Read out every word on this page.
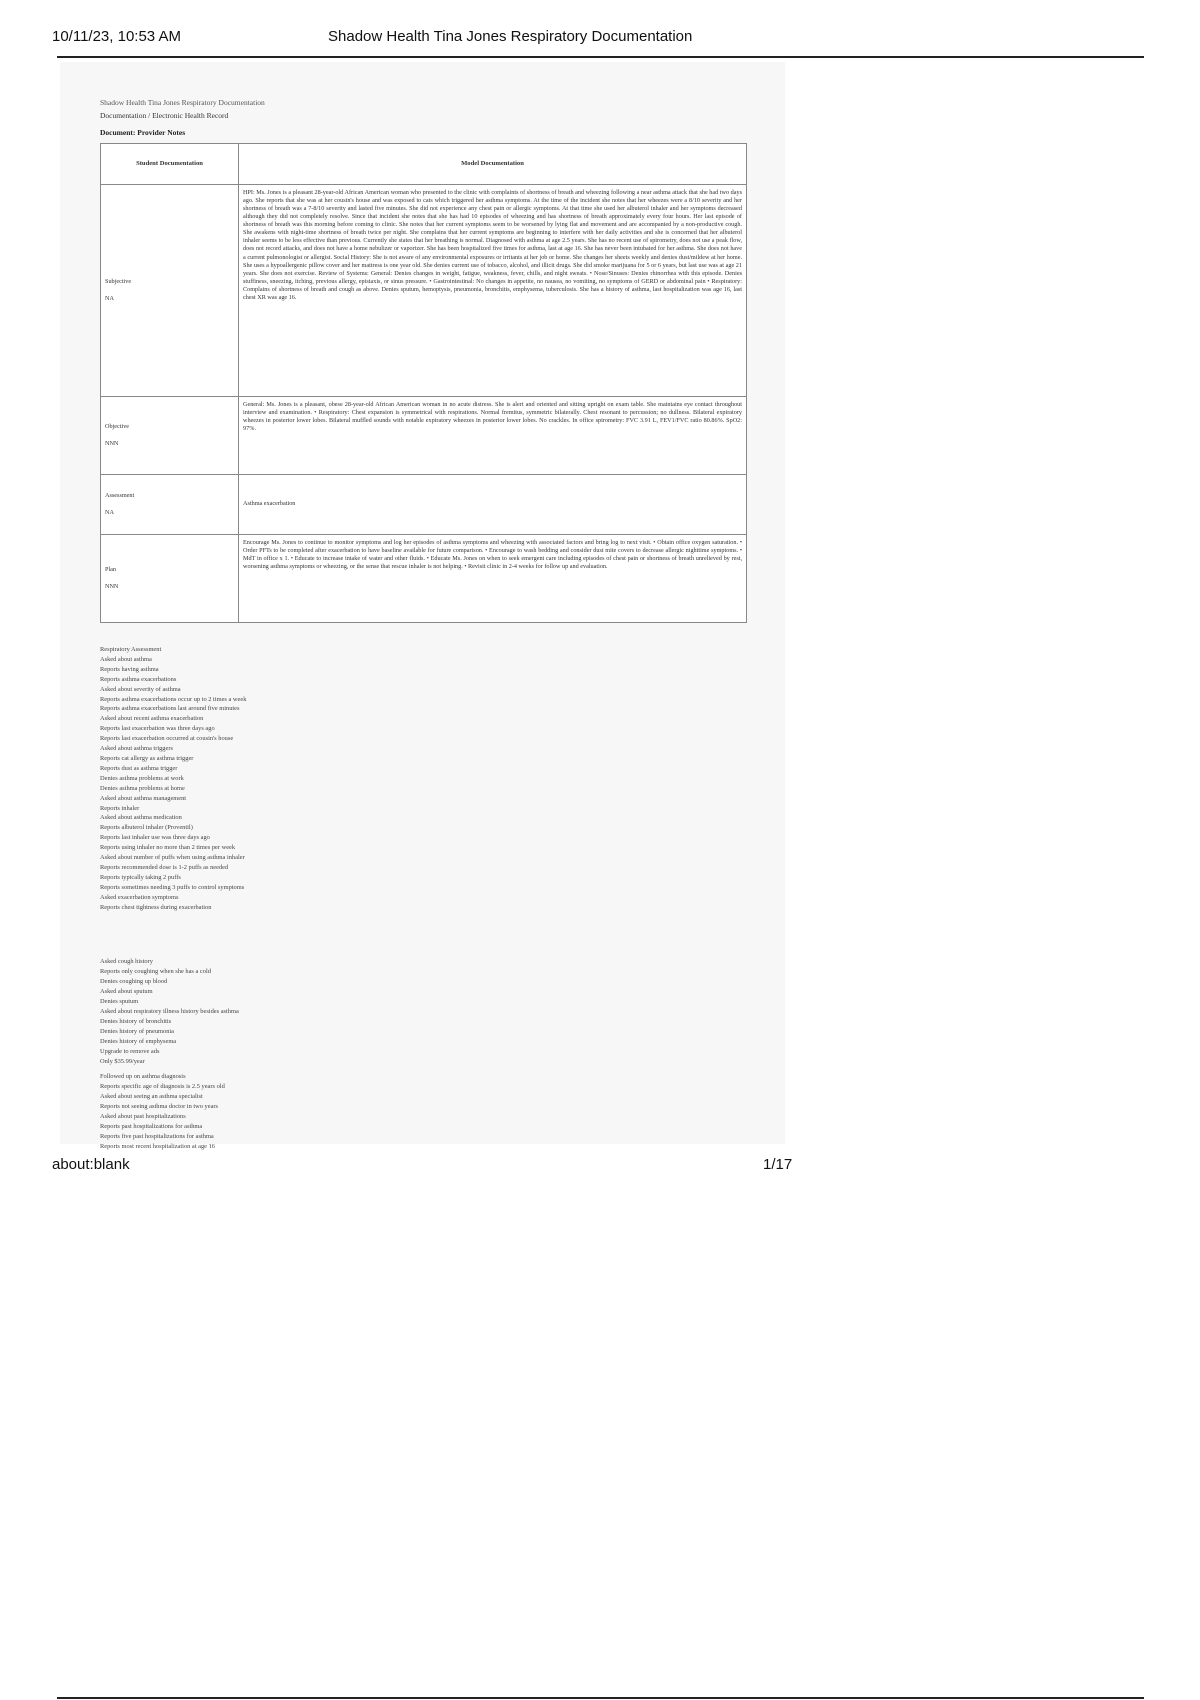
10/11/23, 10:53 AM	Shadow Health Tina Jones Respiratory Documentation
Shadow Health Tina Jones Respiratory Documentation
Documentation / Electronic Health Record
Document: Provider Notes
Student Documentation	Model Documentation
Subjective
NA	HPI: Ms. Jones is a pleasant 28-year-old African American woman who presented to the clinic with complaints of shortness of breath and wheezing following a near asthma attack that she had two days ago. She reports that she was at her cousin's house and was exposed to cats which triggered her asthma symptoms. At the time of the incident she notes that her wheezes were a 8/10 severity and her shortness of breath was a 7-8/10 severity and lasted five minutes. She did not experience any chest pain or allergic symptoms. At that time she used her albuterol inhaler and her symptoms decreased although they did not completely resolve. Since that incident she notes that she has had 10 episodes of wheezing and has shortness of breath approximately every four hours. Her last episode of shortness of breath was this morning before coming to clinic. She notes that her current symptoms seem to be worsened by lying flat and movement and are accompanied by a non-productive cough. She awakens with night-time shortness of breath twice per night. She complains that her current symptoms are beginning to interfere with her daily activities and she is concerned that her albuterol inhaler seems to be less effective than previous. Currently she states that her breathing is normal. Diagnosed with asthma at age 2.5 years. She has no recent use of spirometry, does not use a peak flow, does not record attacks, and does not have a home nebulizer or vaporizer. She has been hospitalized five times for asthma, last at age 16. She has never been intubated for her asthma. She does not have a current pulmonologist or allergist. Social History: She is not aware of any environmental exposures or irritants at her job or home. She changes her sheets weekly and denies dust/mildew at her home. She uses a hypoallergenic pillow cover and her mattress is one year old. She denies current use of tobacco, alcohol, and illicit drugs. She did smoke marijuana for 5 or 6 years, but last use was at age 21 years. She does not exercise. Review of Systems: General: Denies changes in weight, fatigue, weakness, fever, chills, and night sweats. • Nose/Sinuses: Denies rhinorrhea with this episode. Denies stuffiness, sneezing, itching, previous allergy, epistaxis, or sinus pressure. • Gastrointestinal: No changes in appetite, no nausea, no vomiting, no symptoms of GERD or abdominal pain • Respiratory: Complains of shortness of breath and cough as above. Denies sputum, hemoptysis, pneumonia, bronchitis, emphysema, tuberculosis. She has a history of asthma, last hospitalization was age 16, last chest XR was age 16.
Objective
NNN	General: Ms. Jones is a pleasant, obese 28-year-old African American woman in no acute distress. She is alert and oriented and sitting upright on exam table. She maintains eye contact throughout interview and examination. • Respiratory: Chest expansion is symmetrical with respirations. Normal fremitus, symmetric bilaterally. Chest resonant to percussion; no dullness. Bilateral expiratory wheezes in posterior lower lobes. Bilateral muffled sounds with notable expiratory wheezes in posterior lower lobes. No crackles. In office spirometry: FVC 3.91 L, FEV1/FVC ratio 80.86%. SpO2: 97%.
Assessment
NA	Asthma exacerbation
Plan
NNN	Encourage Ms. Jones to continue to monitor symptoms and log her episodes of asthma symptoms and wheezing with associated factors and bring log to next visit. • Obtain office oxygen saturation. • Order PFTs to be completed after exacerbation to have baseline available for future comparison. • Encourage to wash bedding and consider dust mite covers to decrease allergic nighttime symptoms. • MdT in office x 1. • Educate to increase intake of water and other fluids. • Educate Ms. Jones on when to seek emergent care including episodes of chest pain or shortness of breath unrelieved by rest, worsening asthma symptoms or wheezing, or the sense that rescue inhaler is not helping. • Revisit clinic in 2-4 weeks for follow up and evaluation.
Respiratory Assessment
Asked about asthma
Reports having asthma
Reports asthma exacerbations
Asked about severity of asthma
Reports asthma exacerbations occur up to 2 times a week
Reports asthma exacerbations last around five minutes
Asked about recent asthma exacerbation
Reports last exacerbation was three days ago
Reports last exacerbation occurred at cousin's house
Asked about asthma triggers
Reports cat allergy as asthma trigger
Reports dust as asthma trigger
Denies asthma problems at work
Denies asthma problems at home
Asked about asthma management
Reports inhaler
Asked about asthma medication
Reports albuterol inhaler (Proventil)
Reports last inhaler use was three days ago
Reports using inhaler no more than 2 times per week
Asked about number of puffs when using asthma inhaler
Reports recommended dose is 1-2 puffs as needed
Reports typically taking 2 puffs
Reports sometimes needing 3 puffs to control symptoms
Asked exacerbation symptoms
Reports chest tightness during exacerbation
Asked cough history
Reports only coughing when she has a cold
Denies coughing up blood
Asked about sputum
Denies sputum
Asked about respiratory illness history besides asthma
Denies history of bronchitis
Denies history of pneumonia
Denies history of emphysema
Upgrade to remove ads
Only $35.99/year
Followed up on asthma diagnosis
Reports specific age of diagnosis is 2.5 years old
Asked about seeing an asthma specialist
Reports not seeing asthma doctor in two years
Asked about past hospitalizations
Reports past hospitalizations for asthma
Reports five past hospitalizations for asthma
Reports most recent hospitalization at age 16
about:blank	1/17
